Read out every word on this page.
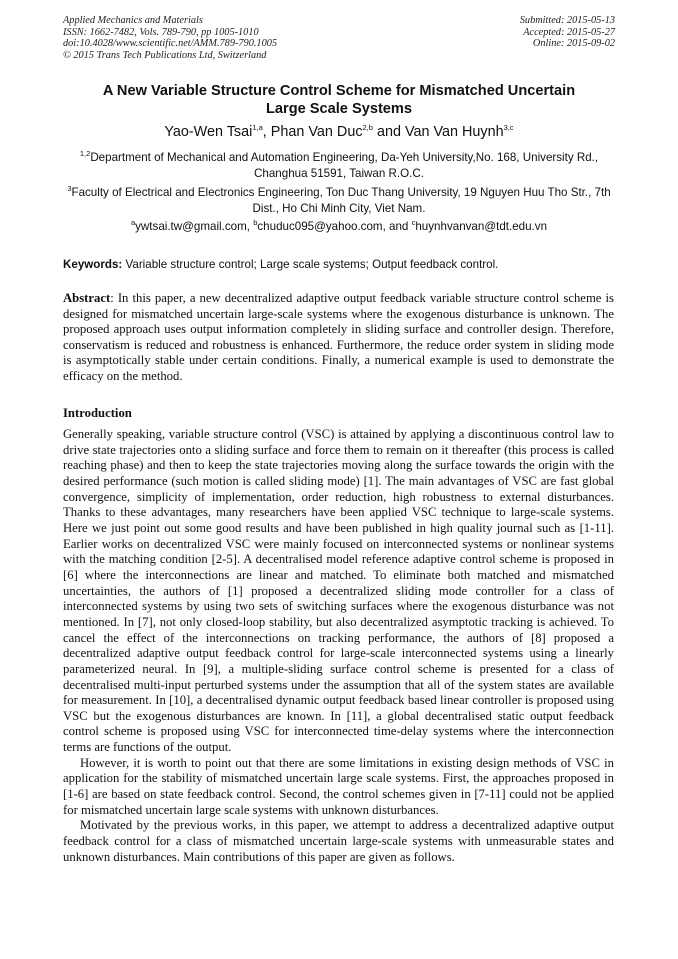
Applied Mechanics and Materials
ISSN: 1662-7482, Vols. 789-790, pp 1005-1010
doi:10.4028/www.scientific.net/AMM.789-790.1005
© 2015 Trans Tech Publications Ltd, Switzerland
Submitted: 2015-05-13
Accepted: 2015-05-27
Online: 2015-09-02
A New Variable Structure Control Scheme for Mismatched Uncertain
Large Scale Systems
Yao-Wen Tsai$^{1,a}$, Phan Van Duc$^{2,b}$ and Van Van Huynh$^{3,c}$
$^{1,2}$Department of Mechanical and Automation Engineering, Da-Yeh University,No. 168, University Rd., Changhua 51591, Taiwan R.O.C.
$^3$Faculty of Electrical and Electronics Engineering, Ton Duc Thang University, 19 Nguyen Huu Tho Str., 7th Dist., Ho Chi Minh City, Viet Nam.
$^a$ywtsai.tw@gmail.com, $^b$chuduc095@yahoo.com, and $^c$huynhvanvan@tdt.edu.vn
Keywords: Variable structure control; Large scale systems; Output feedback control.
Abstract: In this paper, a new decentralized adaptive output feedback variable structure control scheme is designed for mismatched uncertain large-scale systems where the exogenous disturbance is unknown. The proposed approach uses output information completely in sliding surface and controller design. Therefore, conservatism is reduced and robustness is enhanced. Furthermore, the reduce order system in sliding mode is asymptotically stable under certain conditions. Finally, a numerical example is used to demonstrate the efficacy on the method.
Introduction

Generally speaking, variable structure control (VSC) is attained by applying a discontinuous control law to drive state trajectories onto a sliding surface and force them to remain on it thereafter (this process is called reaching phase) and then to keep the state trajectories moving along the surface towards the origin with the desired performance (such motion is called sliding mode) [1]. The main advantages of VSC are fast global convergence, simplicity of implementation, order reduction, high robustness to external disturbances. Thanks to these advantages, many researchers have been applied VSC technique to large-scale systems. Here we just point out some good results and have been published in high quality journal such as [1-11]. Earlier works on decentralized VSC were mainly focused on interconnected systems or nonlinear systems with the matching condition [2-5]. A decentralised model reference adaptive control scheme is proposed in [6] where the interconnections are linear and matched. To eliminate both matched and mismatched uncertainties, the authors of [1] proposed a decentralized sliding mode controller for a class of interconnected systems by using two sets of switching surfaces where the exogenous disturbance was not mentioned. In [7], not only closed-loop stability, but also decentralized asymptotic tracking is achieved. To cancel the effect of the interconnections on tracking performance, the authors of [8] proposed a decentralized adaptive output feedback control for large-scale interconnected systems using a linearly parameterized neural. In [9], a multiple-sliding surface control scheme is presented for a class of decentralised multi-input perturbed systems under the assumption that all of the system states are available for measurement. In [10], a decentralised dynamic output feedback based linear controller is proposed using VSC but the exogenous disturbances are known. In [11], a global decentralised static output feedback control scheme is proposed using VSC for interconnected time-delay systems where the interconnection terms are functions of the output.

However, it is worth to point out that there are some limitations in existing design methods of VSC in application for the stability of mismatched uncertain large scale systems. First, the approaches proposed in [1-6] are based on state feedback control. Second, the control schemes given in [7-11] could not be applied for mismatched uncertain large scale systems with unknown disturbances.

Motivated by the previous works, in this paper, we attempt to address a decentralized adaptive output feedback control for a class of mismatched uncertain large-scale systems with unmeasurable states and unknown disturbances. Main contributions of this paper are given as follows.
